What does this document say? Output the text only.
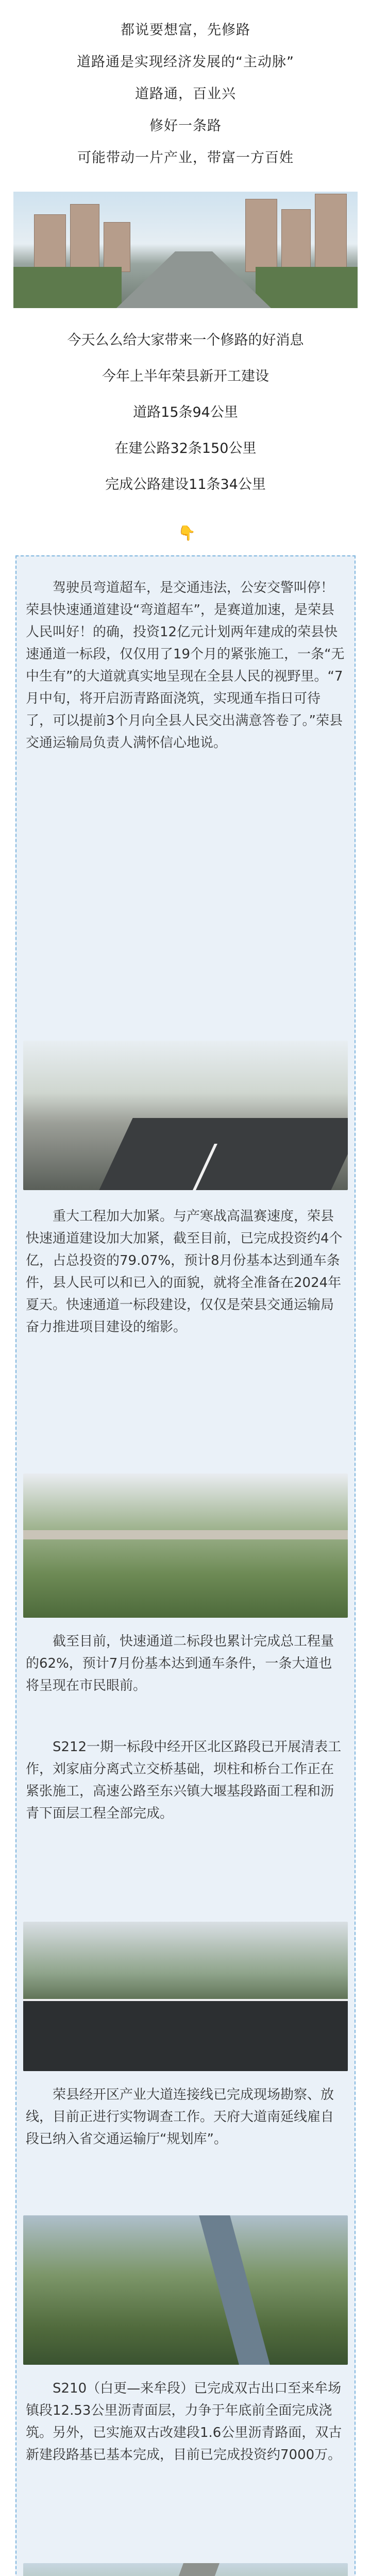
都说要想富，先修路
道路通是实现经济发展的“主动脉”
道路通，百业兴
修好一条路
可能带动一片产业，带富一方百姓
今天么么给大家带来一个修路的好消息
今年上半年荣县新开工建设
道路15条94公里
在建公路32条150公里
完成公路建设11条34公里
👇

驾驶员弯道超车，是交通违法，公安交警叫停！荣县快速通道建设“弯道超车”，是赛道加速，是荣县人民叫好！的确，投资12亿元计划两年建成的荣县快速通道一标段，仅仅用了19个月的紧张施工，一条“无中生有”的大道就真实地呈现在全县人民的视野里。“7月中旬，将开启沥青路面浇筑，实现通车指日可待了，可以提前3个月向全县人民交出满意答卷了。”荣县交通运输局负责人满怀信心地说。

重大工程加大加紧。与产寒战高温赛速度，荣县快速通道建设加大加紧，截至目前，已完成投资约4个亿，占总投资的79.07%，预计8月份基本达到通车条件，县人民可以和已入的面貌，就将全准备在2024年夏天。快速通道一标段建设，仅仅是荣县交通运输局奋力推进项目建设的缩影。

截至目前，快速通道二标段也累计完成总工程量的62%，预计7月份基本达到通车条件，一条大道也将呈现在市民眼前。

S212一期一标段中经开区北区路段已开展清表工作，刘家庙分离式立交桥基础，坝柱和桥台工作正在紧张施工，高速公路至东兴镇大堰基段路面工程和沥青下面层工程全部完成。

荣县经开区产业大道连接线已完成现场勘察、放线，目前正进行实物调查工作。天府大道南延线雇自段已纳入省交通运输厅“规划库”。

S210（白更—来牟段）已完成双古出口至来牟场镇段12.53公里沥青面层，力争于年底前全面完成浇筑。另外，已实施双古改建段1.6公里沥青路面，双古新建段路基已基本完成，目前已完成投资约7000万。
